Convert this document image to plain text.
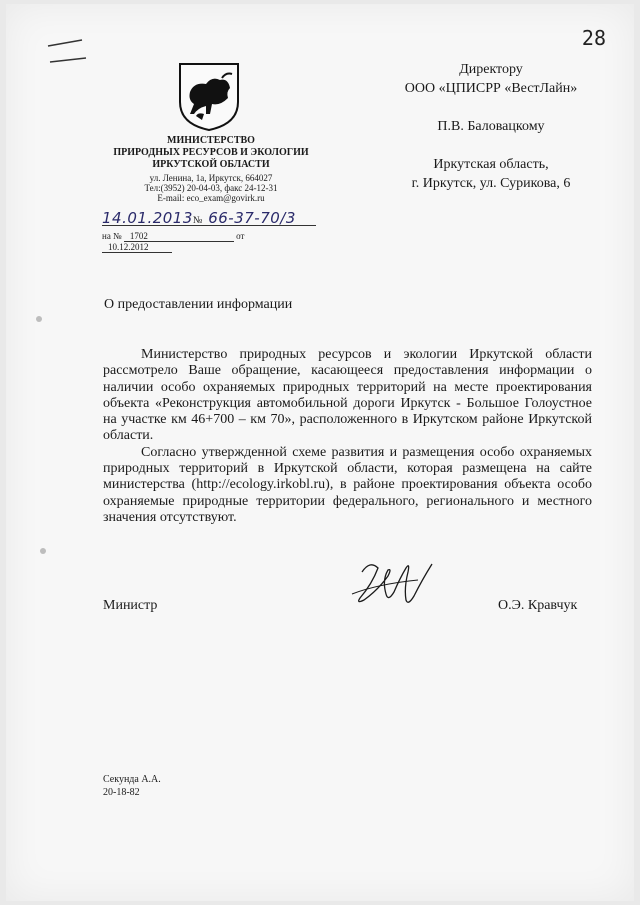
28
МИНИСТЕРСТВО
ПРИРОДНЫХ РЕСУРСОВ И ЭКОЛОГИИ
ИРКУТСКОЙ ОБЛАСТИ
ул. Ленина, 1а, Иркутск, 664027
Тел:(3952) 20-04-03, факс 24-12-31
E-mail: eco_exam@govirk.ru
14.01.2013№ 66-37-70/3
на № 1702	от 10.12.2012
Директору
ООО «ЦПИСРР «ВестЛайн»
П.В. Баловацкому
Иркутская область,
г. Иркутск, ул. Сурикова, 6
О предоставлении информации

Министерство природных ресурсов и экологии Иркутской области рассмотрело Ваше обращение, касающееся предоставления информации о наличии особо охраняемых природных территорий на месте проектирования объекта «Реконструкция автомобильной дороги Иркутск - Большое Голоустное на участке км 46+700 – км 70», расположенного в Иркутском районе Иркутской области.

Согласно утвержденной схеме развития и размещения особо охраняемых природных территорий в Иркутской области, которая размещена на сайте министерства (http://ecology.irkobl.ru), в районе проектирования объекта особо охраняемые природные территории федерального, регионального и местного значения отсутствуют.

Министр	О.Э. Кравчук
Секунда А.А.
20-18-82
